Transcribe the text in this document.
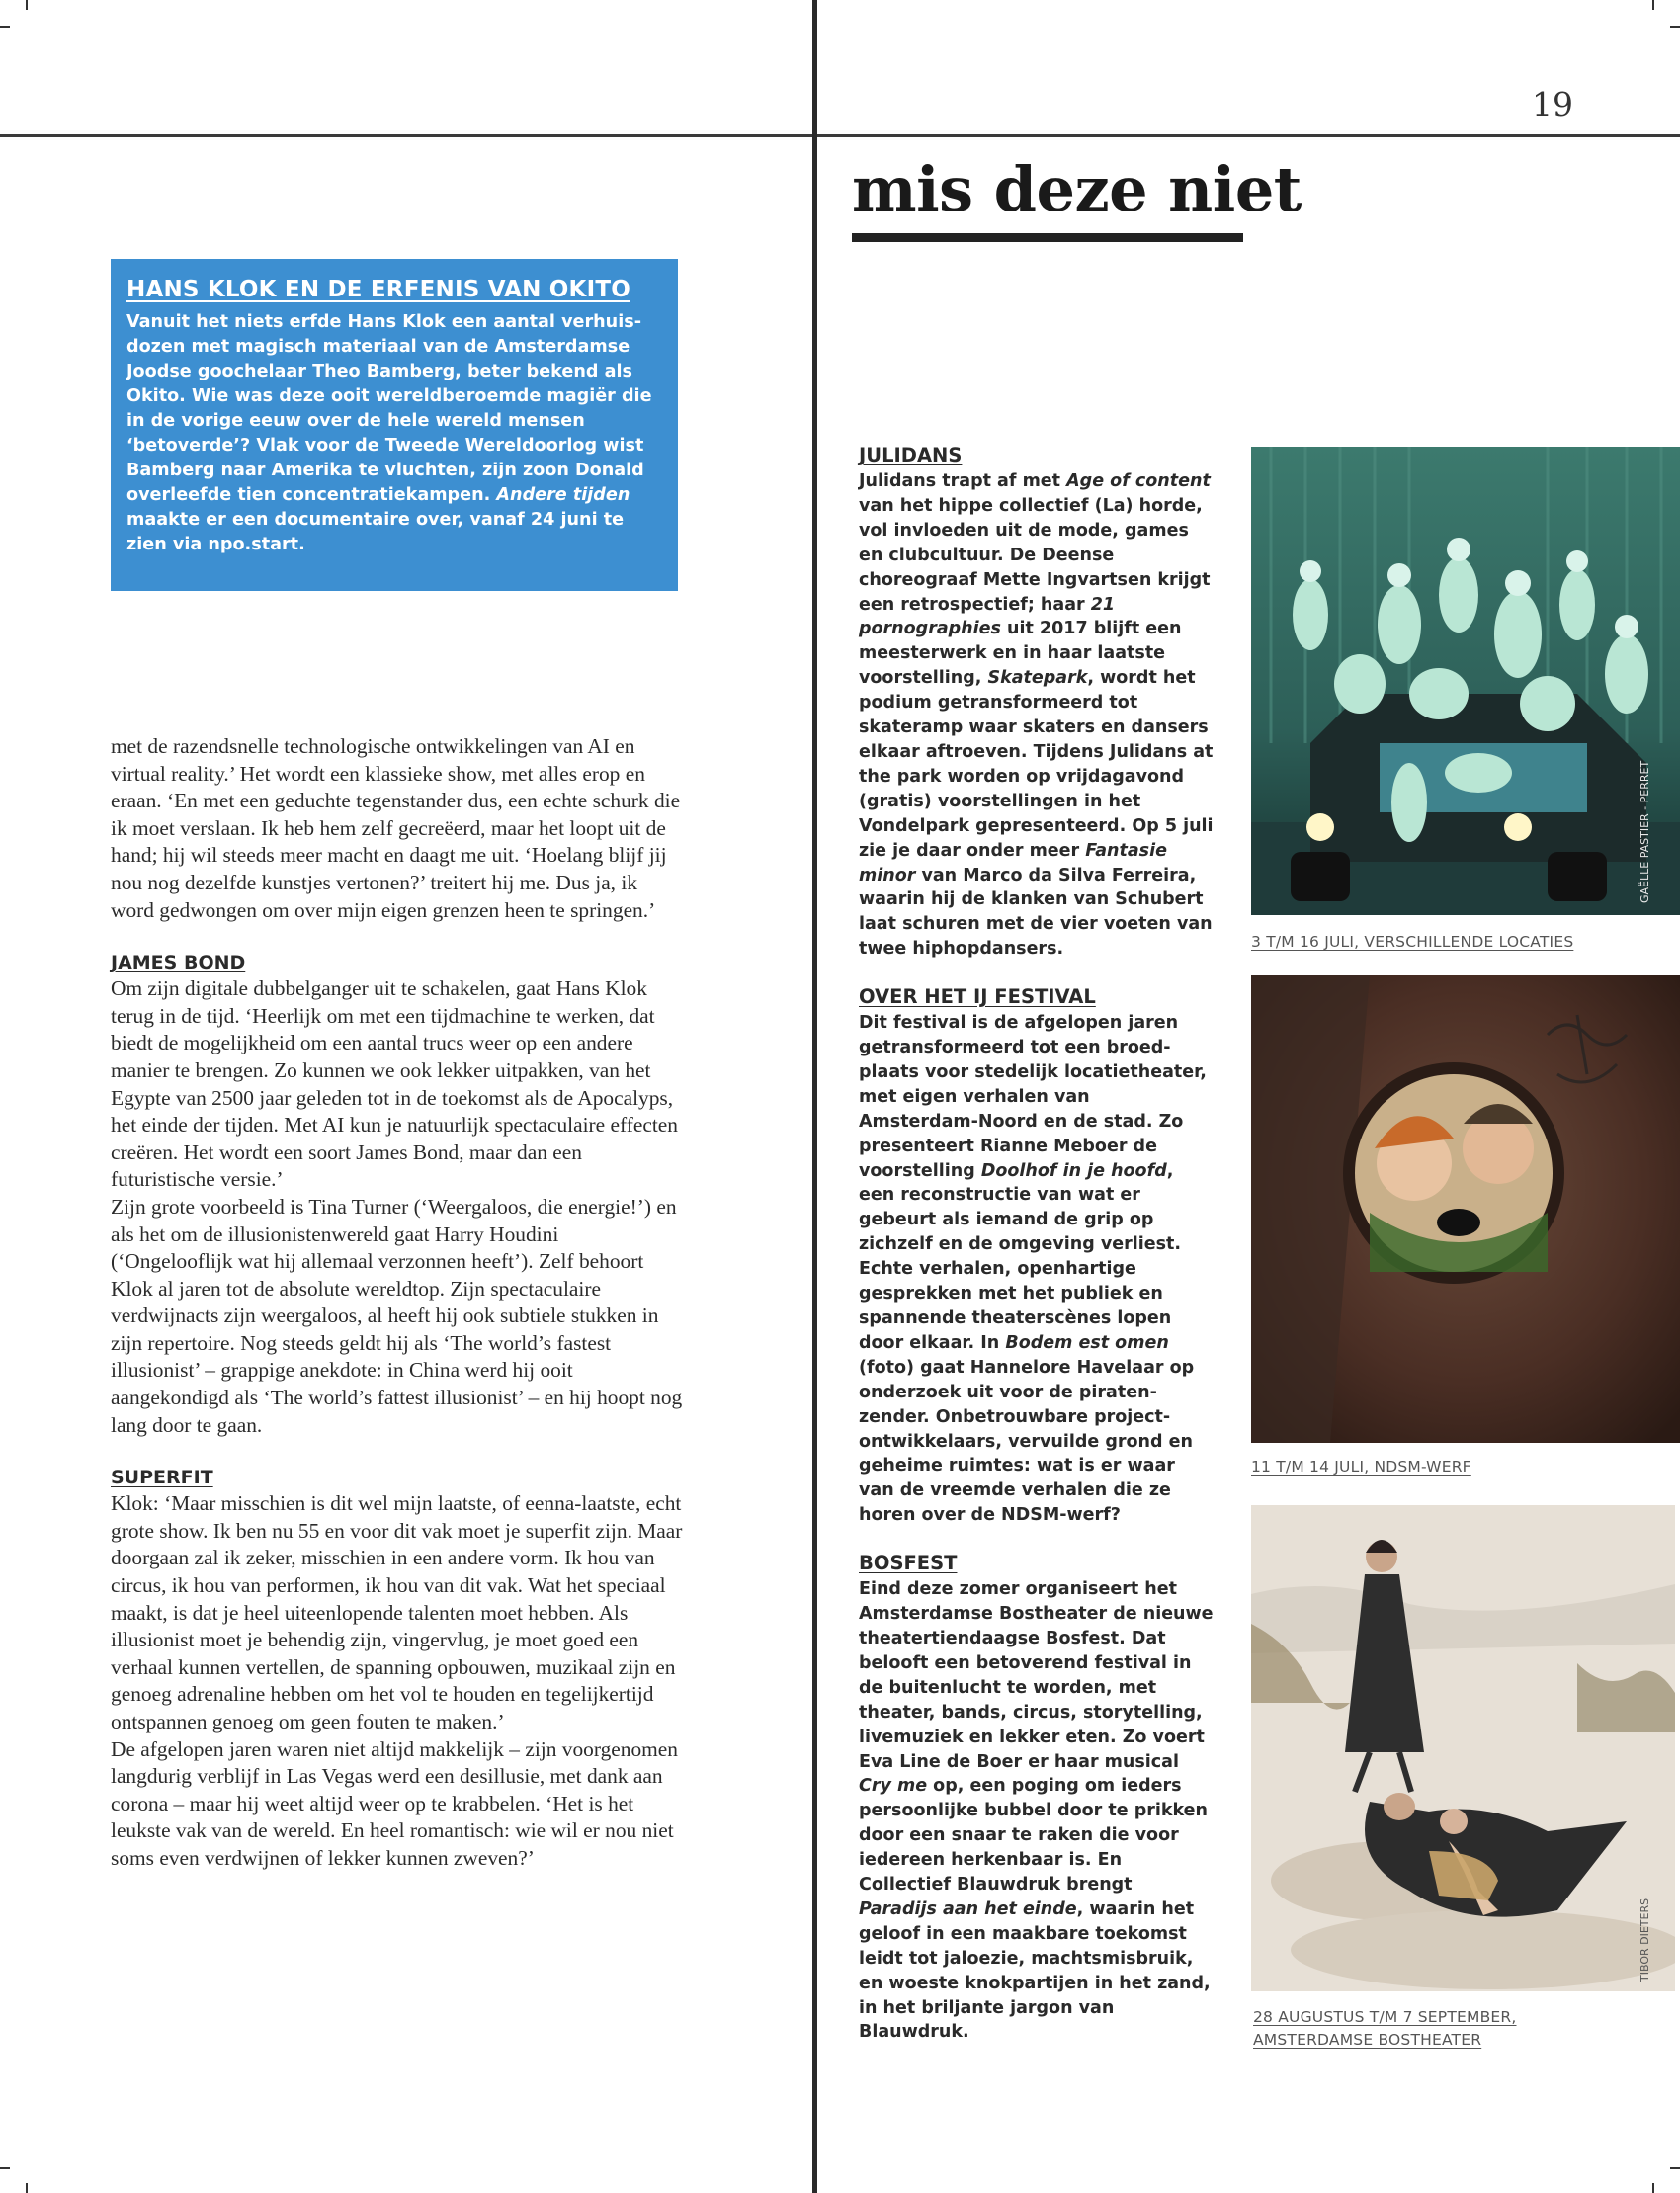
19
mis deze niet
HANS KLOK EN DE ERFENIS VAN OKITO

Vanuit het niets erfde Hans Klok een aantal verhuisdozen met magisch materiaal van de Amsterdamse Joodse goochelaar Theo Bamberg, beter bekend als Okito. Wie was deze ooit wereldberoemde magiër die in de vorige eeuw over de hele wereld mensen ‘betoverde’? Vlak voor de Tweede Wereldoorlog wist Bamberg naar Amerika te vluchten, zijn zoon Donald overleefde tien concentratiekampen. Andere tijden maakte er een documentaire over, vanaf 24 juni te zien via npo.start.

met de razendsnelle technologische ontwikkelingen van AI en virtual reality.’ Het wordt een klassieke show, met alles erop en eraan. ‘En met een geduchte tegenstander dus, een echte schurk die ik moet verslaan. Ik heb hem zelf gecreëerd, maar het loopt uit de hand; hij wil steeds meer macht en daagt me uit. ‘Hoelang blijf jij nou nog dezelfde kunstjes vertonen?’ treitert hij me. Dus ja, ik word gedwongen om over mijn eigen grenzen heen te springen.’

JAMES BOND

Om zijn digitale dubbelganger uit te schakelen, gaat Hans Klok terug in de tijd. ‘Heerlijk om met een tijdmachine te werken, dat biedt de mogelijkheid om een aantal trucs weer op een andere manier te brengen. Zo kunnen we ook lekker uitpakken, van het Egypte van 2500 jaar geleden tot in de toekomst als de Apocalyps, het einde der tijden. Met AI kun je natuurlijk spectaculaire effecten creëren. Het wordt een soort James Bond, maar dan een futuristische versie.’

Zijn grote voorbeeld is Tina Turner (‘Weergaloos, die energie!’) en als het om de illusionistenwereld gaat Harry Houdini (‘Ongelooflijk wat hij allemaal verzonnen heeft’). Zelf behoort Klok al jaren tot de absolute wereldtop. Zijn spectaculaire verdwijnacts zijn weergaloos, al heeft hij ook subtiele stukken in zijn repertoire. Nog steeds geldt hij als ‘The world’s fastest illusionist’ – grappige anekdote: in China werd hij ooit aangekondigd als ‘The world’s fattest illusionist’ – en hij hoopt nog lang door te gaan.

SUPERFIT

Klok: ‘Maar misschien is dit wel mijn laatste, of eenna-laatste, echt grote show. Ik ben nu 55 en voor dit vak moet je superfit zijn. Maar doorgaan zal ik zeker, misschien in een andere vorm. Ik hou van circus, ik hou van performen, ik hou van dit vak. Wat het speciaal maakt, is dat je heel uiteenlopende talenten moet hebben. Als illusionist moet je behendig zijn, vingervlug, je moet goed een verhaal kunnen vertellen, de spanning opbouwen, muzikaal zijn en genoeg adrenaline hebben om het vol te houden en tegelijkertijd ontspannen genoeg om geen fouten te maken.’

De afgelopen jaren waren niet altijd makkelijk – zijn voorgenomen langdurig verblijf in Las Vegas werd een desillusie, met dank aan corona – maar hij weet altijd weer op te krabbelen. ‘Het is het leukste vak van de wereld. En heel romantisch: wie wil er nou niet soms even verdwijnen of lekker kunnen zweven?’

JULIDANS

Julidans trapt af met Age of content van het hippe collectief (La) horde, vol invloeden uit de mode, games en clubcultuur. De Deense choreograaf Mette Ingvartsen krijgt een retrospectief; haar 21 pornographies uit 2017 blijft een meesterwerk en in haar laatste voorstelling, Skatepark, wordt het podium getransformeerd tot skateramp waar skaters en dansers elkaar aftroeven. Tijdens Julidans at the park worden op vrijdagavond (gratis) voorstellingen in het Vondelpark gepresenteerd. Op 5 juli zie je daar onder meer Fantasie minor van Marco da Silva Ferreira, waarin hij de klanken van Schubert laat schuren met de vier voeten van twee hiphopdansers.

OVER HET IJ FESTIVAL

Dit festival is de afgelopen jaren getransformeerd tot een broedplaats voor stedelijk locatietheater, met eigen verhalen van Amsterdam-Noord en de stad. Zo presenteert Rianne Meboer de voorstelling Doolhof in je hoofd, een reconstructie van wat er gebeurt als iemand de grip op zichzelf en de omgeving verliest. Echte verhalen, openhartige gesprekken met het publiek en spannende theaterscènes lopen door elkaar. In Bodem est omen (foto) gaat Hannelore Havelaar op onderzoek uit voor de piratenzender. Onbetrouwbare projectontwikkelaars, vervuilde grond en geheime ruimtes: wat is er waar van de vreemde verhalen die ze horen over de NDSM-werf?

BOSFEST

Eind deze zomer organiseert het Amsterdamse Bostheater de nieuwe theatertiendaagse Bosfest. Dat belooft een betoverend festival in de buitenlucht te worden, met theater, bands, circus, storytelling, livemuziek en lekker eten. Zo voert Eva Line de Boer er haar musical Cry me op, een poging om ieders persoonlijke bubbel door te prikken door een snaar te raken die voor iedereen herkenbaar is. En Collectief Blauwdruk brengt Paradijs aan het einde, waarin het geloof in een maakbare toekomst leidt tot jaloezie, machtsmisbruik, en woeste knokpartijen in het zand, in het briljante jargon van Blauwdruk.

GAËLLE PASTIER - PERRET
3 T/M 16 JULI, VERSCHILLENDE LOCATIES
11 T/M 14 JULI, NDSM-WERF
TIBOR DIETERS
28 AUGUSTUS T/M 7 SEPTEMBER,
AMSTERDAMSE BOSTHEATER
